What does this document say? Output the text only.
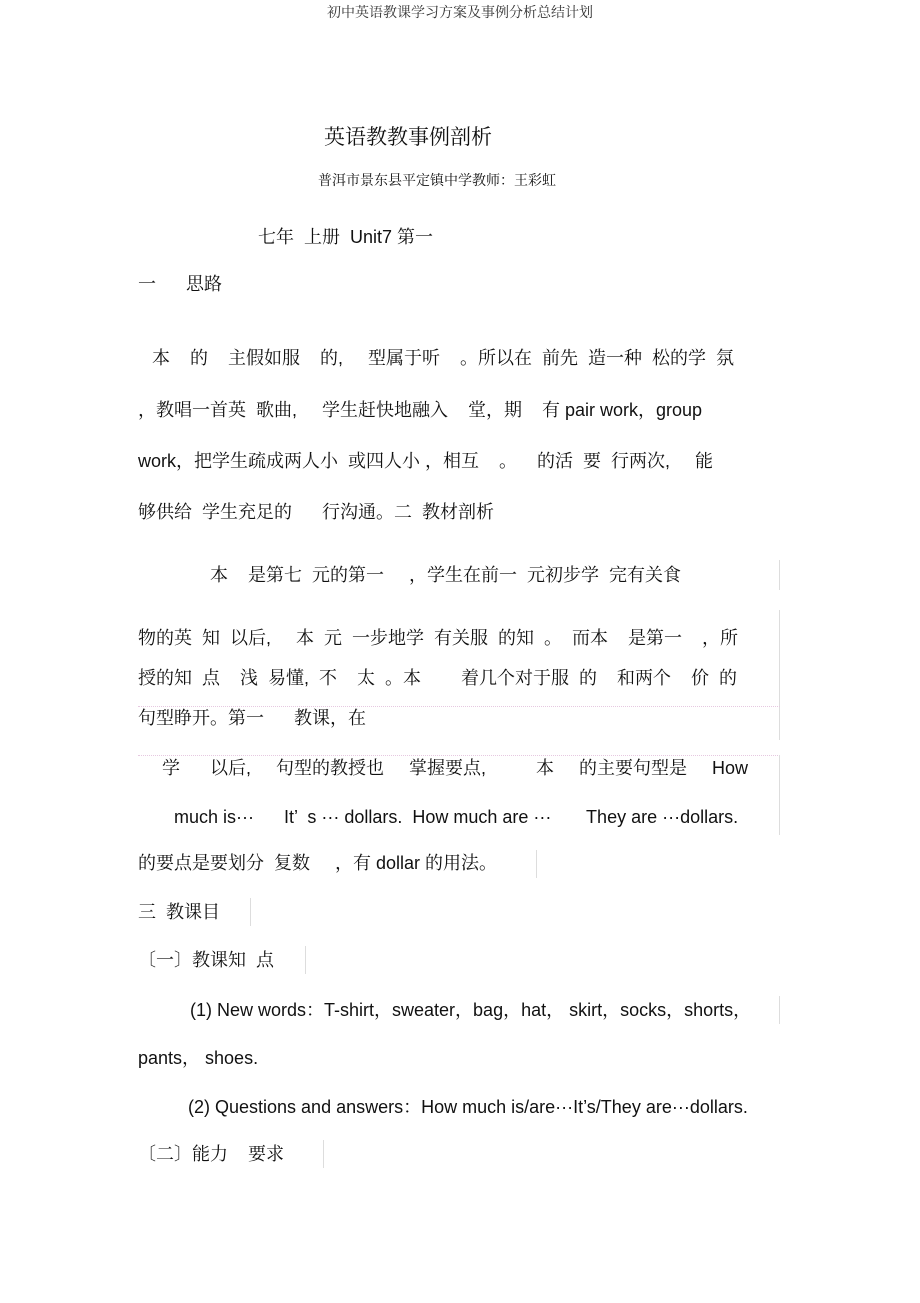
初中英语教课学习方案及事例分析总结计划
英语教教事例剖析
普洱市景东县平定镇中学教师：王彩虹
七年  上册  Unit7 第一
一      思路
本    的    主假如服    的,     型属于听    。所以在  前先  造一种  松的学  氛
，教唱一首英  歌曲,     学生赶快地融入    堂，期    有 pair work，group
work，把学生疏成两人小  或四人小 ，相互    。    的活  要  行两次,     能
够供给  学生充足的      行沟通。二  教材剖析
本    是第七  元的第一     ，学生在前一  元初步学  完有关食
物的英  知  以后,     本  元  一步地学  有关服  的知  。  而本    是第一    ，所
授的知  点    浅  易懂,  不    太  。本        着几个对于服  的    和两个    价  的
句型睁开。第一      教课，在
学      以后,     句型的教授也     掌握要点,          本     的主要句型是     How
much is···      It’  s ··· dollars.  How much are ···       They are ···dollars.
的要点是要划分  复数     ，有 dollar 的用法。
三  教课目
〔一〕教课知  点
(1) New words：T-shirt，sweater，bag，hat， skirt，socks，shorts，
pants， shoes.
(2) Questions and answers：How much is/are···It’s/They are···dollars.
〔二〕能力    要求
